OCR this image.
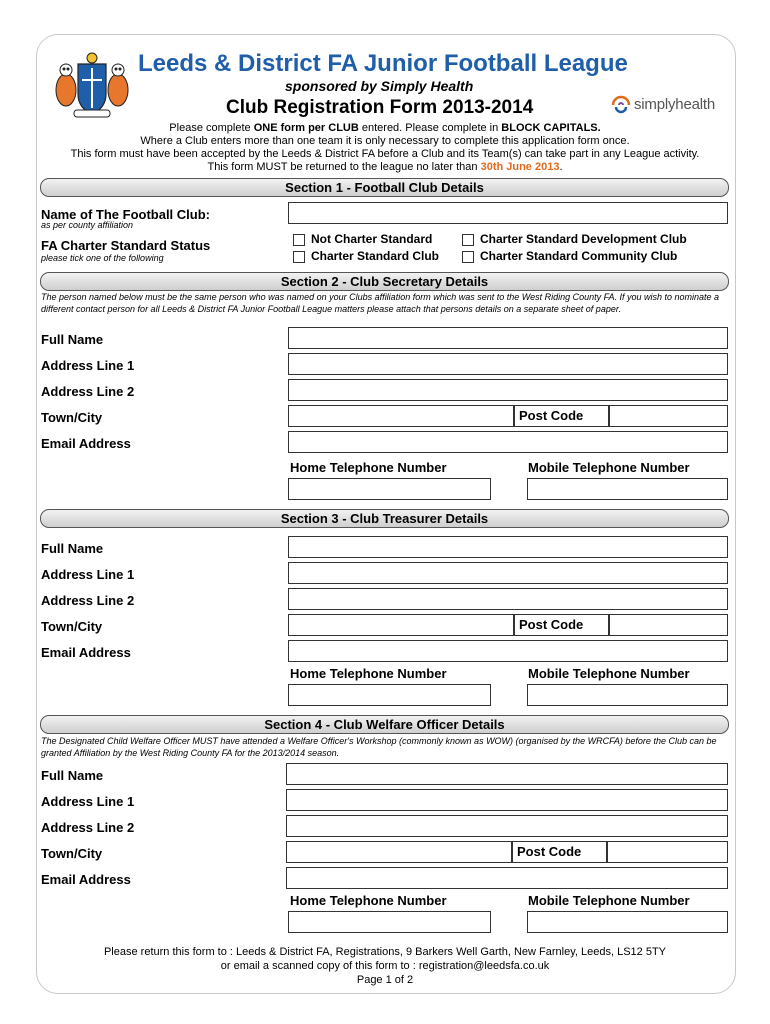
Leeds & District FA Junior Football League
sponsored by Simply Health
Club Registration Form 2013-2014	simplyhealth
Please complete ONE form per CLUB entered. Please complete in BLOCK CAPITALS.
Where a Club enters more than one team it is only necessary to complete this application form once.
This form must have been accepted by the Leeds & District FA before a Club and its Team(s) can take part in any League activity.
This form MUST be returned to the league no later than 30th June 2013.
Section 1 - Football Club Details
Name of The Football Club:
as per county affiliation
FA Charter Standard Status
please tick one of the following
Not Charter Standard	Charter Standard Development Club
Charter Standard Club	Charter Standard Community Club
Section 2 - Club Secretary Details
The person named below must be the same person who was named on your Clubs affiliation form which was sent to the West Riding County FA. If you wish to nominate a different contact person for all Leeds & District FA Junior Football League matters please attach that persons details on a separate sheet of paper.
Full Name
Address Line 1
Address Line 2
Town/City	Post Code
Email Address
Home Telephone Number	Mobile Telephone Number
Section 3 - Club Treasurer Details
Full Name
Address Line 1
Address Line 2
Town/City	Post Code
Email Address
Home Telephone Number	Mobile Telephone Number
Section 4 - Club Welfare Officer Details
The Designated Child Welfare Officer MUST have attended a Welfare Officer's Workshop (commonly known as WOW) (organised by the WRCFA) before the Club can be granted Affiliation by the West Riding County FA for the 2013/2014 season.
Full Name
Address Line 1
Address Line 2
Town/City	Post Code
Email Address
Home Telephone Number	Mobile Telephone Number
Please return this form to : Leeds & District FA, Registrations, 9 Barkers Well Garth, New Farnley, Leeds, LS12 5TY
or email a scanned copy of this form to : registration@leedsfa.co.uk
Page 1 of 2
